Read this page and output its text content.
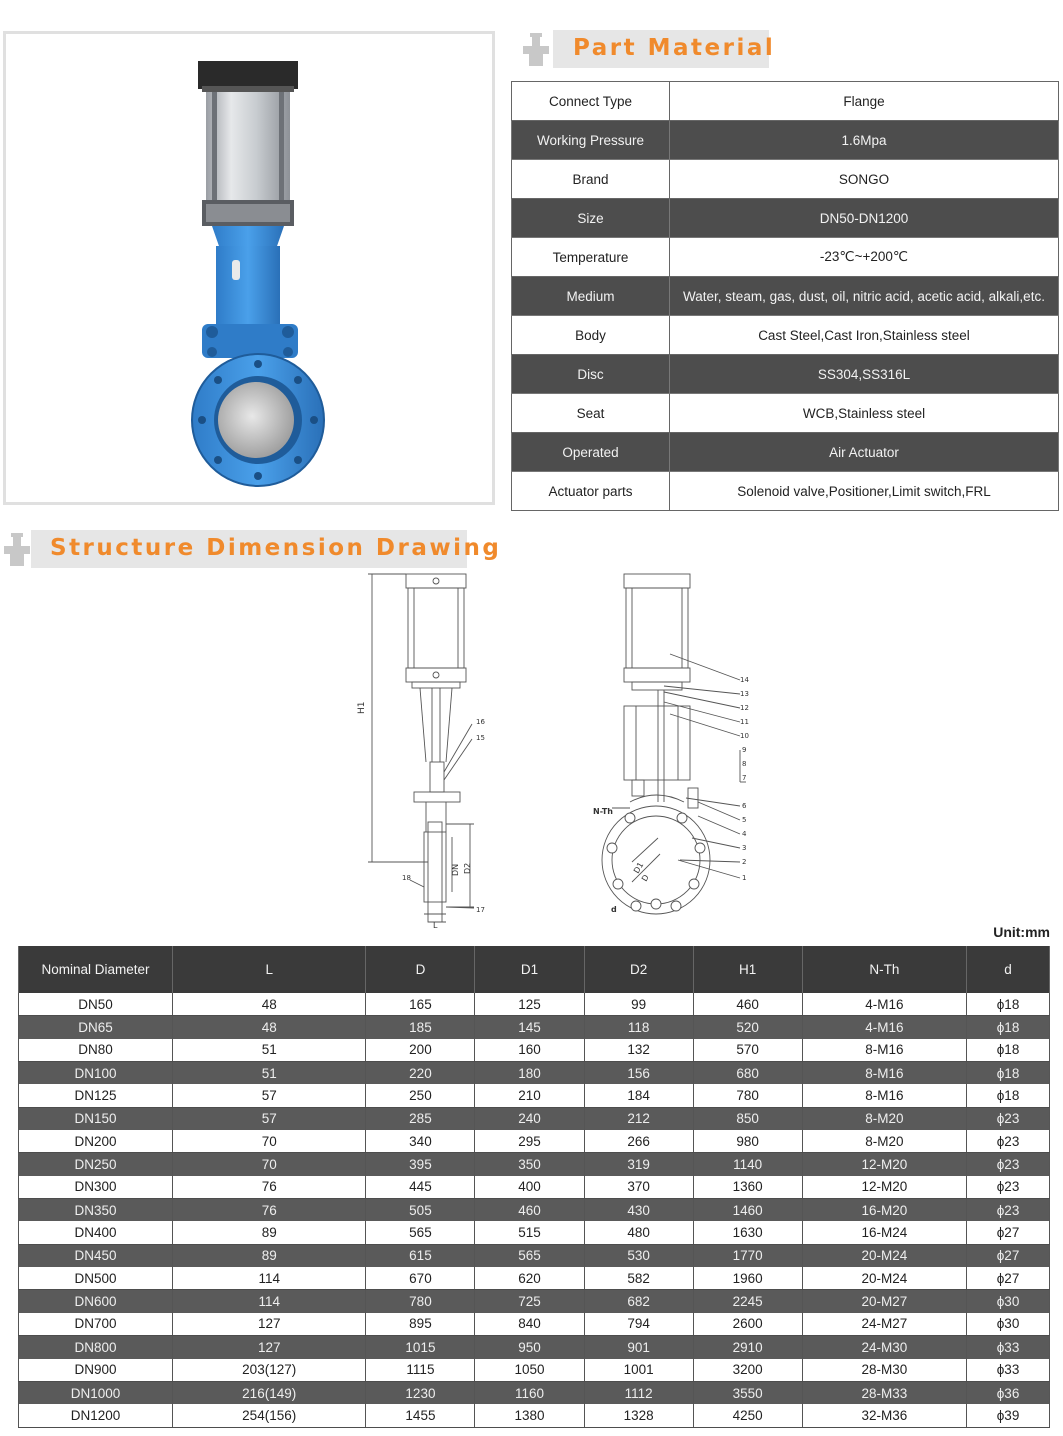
Part Material
Connect Type	Flange
Working Pressure	1.6Mpa
Brand	SONGO
Size	DN50-DN1200
Temperature	-23℃~+200℃
Medium	Water, steam, gas, dust, oil, nitric acid, acetic acid, alkali,etc.
Body	Cast Steel,Cast Iron,Stainless steel
Disc	SS304,SS316L
Seat	WCB,Stainless steel
Operated	Air Actuator
Actuator parts	Solenoid valve,Positioner,Limit switch,FRL
Structure Dimension Drawing
H1
DN D2
L
16
15
18
17
N-Th
D1
D
d
14
13
12
11
10
9
8
7
6
5
4
3
2
1
Unit:mm
Nominal Diameter	L	D	D1	D2	H1	N-Th	d
DN50	48	165	125	99	460	4-M16	ϕ18
DN65	48	185	145	118	520	4-M16	ϕ18
DN80	51	200	160	132	570	8-M16	ϕ18
DN100	51	220	180	156	680	8-M16	ϕ18
DN125	57	250	210	184	780	8-M16	ϕ18
DN150	57	285	240	212	850	8-M20	ϕ23
DN200	70	340	295	266	980	8-M20	ϕ23
DN250	70	395	350	319	1140	12-M20	ϕ23
DN300	76	445	400	370	1360	12-M20	ϕ23
DN350	76	505	460	430	1460	16-M20	ϕ23
DN400	89	565	515	480	1630	16-M24	ϕ27
DN450	89	615	565	530	1770	20-M24	ϕ27
DN500	114	670	620	582	1960	20-M24	ϕ27
DN600	114	780	725	682	2245	20-M27	ϕ30
DN700	127	895	840	794	2600	24-M27	ϕ30
DN800	127	1015	950	901	2910	24-M30	ϕ33
DN900	203(127)	1115	1050	1001	3200	28-M30	ϕ33
DN1000	216(149)	1230	1160	1112	3550	28-M33	ϕ36
DN1200	254(156)	1455	1380	1328	4250	32-M36	ϕ39
